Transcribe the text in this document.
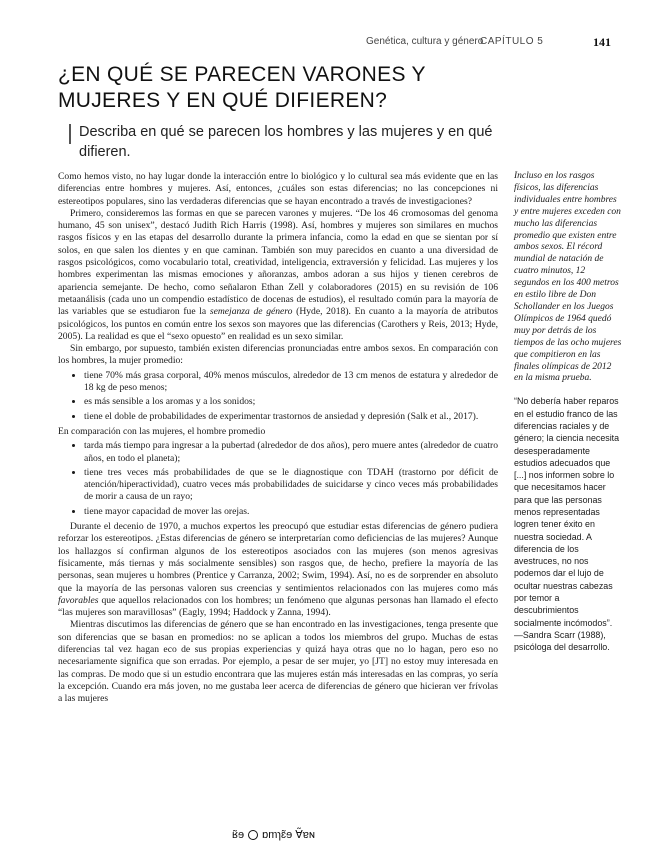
Genética, cultura y género
CAPÍTULO 5	141
¿EN QUÉ SE PARECEN VARONES Y MUJERES Y EN QUÉ DIFIEREN?
Describa en qué se parecen los hombres y las mujeres y en qué difieren.

Como hemos visto, no hay lugar donde la interacción entre lo biológico y lo cultural sea más evidente que en las diferencias entre hombres y mujeres. Así, entonces, ¿cuáles son estas diferencias; no las concepciones ni estereotipos populares, sino las verdaderas diferencias que se hayan encontrado a través de investigaciones?

Primero, consideremos las formas en que se parecen varones y mujeres. “De los 46 cromosomas del genoma humano, 45 son unisex”, destacó Judith Rich Harris (1998). Así, hombres y mujeres son similares en muchos rasgos físicos y en las etapas del desarrollo durante la primera infancia, como la edad en que se sientan por sí solos, en que salen los dientes y en que caminan. También son muy parecidos en cuanto a una diversidad de rasgos psicológicos, como vocabulario total, creatividad, inteligencia, extraversión y felicidad. Las mujeres y los hombres experimentan las mismas emociones y añoranzas, ambos adoran a sus hijos y tienen cerebros de apariencia semejante. De hecho, como señalaron Ethan Zell y colaboradores (2015) en su revisión de 106 metaanálisis (cada uno un compendio estadístico de docenas de estudios), el resultado común para la mayoría de las variables que se estudiaron fue la semejanza de género (Hyde, 2018). En cuanto a la mayoría de atributos psicológicos, los puntos en común entre los sexos son mayores que las diferencias (Carothers y Reis, 2013; Hyde, 2005). La realidad es que el “sexo opuesto” en realidad es un sexo similar.

Sin embargo, por supuesto, también existen diferencias pronunciadas entre ambos sexos. En comparación con los hombres, la mujer promedio:

• tiene 70% más grasa corporal, 40% menos músculos, alrededor de 13 cm menos de estatura y alrededor de 18 kg de peso menos;
• es más sensible a los aromas y a los sonidos;
• tiene el doble de probabilidades de experimentar trastornos de ansiedad y depresión (Salk et al., 2017).

En comparación con las mujeres, el hombre promedio

• tarda más tiempo para ingresar a la pubertad (alrededor de dos años), pero muere antes (alrededor de cuatro años, en todo el planeta);
• tiene tres veces más probabilidades de que se le diagnostique con TDAH (trastorno por déficit de atención/hiperactividad), cuatro veces más probabilidades de suicidarse y cinco veces más probabilidades de morir a causa de un rayo;
• tiene mayor capacidad de mover las orejas.

Durante el decenio de 1970, a muchos expertos les preocupó que estudiar estas diferencias de género pudiera reforzar los estereotipos. ¿Estas diferencias de género se interpretarían como deficiencias de las mujeres? Aunque los hallazgos sí confirman algunos de los estereotipos asociados con las mujeres (son menos agresivas físicamente, más tiernas y más socialmente sensibles) son rasgos que, de hecho, prefiere la mayoría de las personas, sean mujeres u hombres (Prentice y Carranza, 2002; Swim, 1994). Así, no es de sorprender en absoluto que la mayoría de las personas valoren sus creencias y sentimientos relacionados con las mujeres como más favorables que aquellos relacionados con los hombres; un fenómeno que algunas personas han llamado el efecto “las mujeres son maravillosas” (Eagly, 1994; Haddock y Zanna, 1994).

Mientras discutimos las diferencias de género que se han encontrado en las investigaciones, tenga presente que son diferencias que se basan en promedios: no se aplican a todos los miembros del grupo. Muchas de estas diferencias tal vez hagan eco de sus propias experiencias y quizá haya otras que no lo hagan, pero eso no necesariamente significa que son erradas. Por ejemplo, a pesar de ser mujer, yo [JT] no estoy muy interesada en las compras. De modo que si un estudio encontrara que las mujeres están más interesadas en las compras, yo sería la excepción. Cuando era más joven, no me gustaba leer acerca de diferencias de género que hicieran ver frívolas a las mujeres

Incluso en los rasgos físicos, las diferencias individuales entre hombres y entre mujeres exceden con mucho las diferencias promedio que existen entre ambos sexos. El récord mundial de natación de cuatro minutos, 12 segundos en los 400 metros en estilo libre de Don Schollander en los Juegos Olímpicos de 1964 quedó muy por detrás de los tiempos de las ocho mujeres que compitieron en las finales olímpicas de 2012 en la misma prueba.

“No debería haber reparos en el estudio franco de las diferencias raciales y de género; la ciencia necesita desesperadamente estudios adecuados que [...] nos informen sobre lo que necesitamos hacer para que las personas menos representadas logren tener éxito en nuestra sociedad. A diferencia de los avestruces, no nos podemos dar el lujo de ocultar nuestras cabezas por temor a descubrimientos socialmente incómodos”.
—Sandra Scarr (1988), psicóloga del desarrollo.
ʁ̃ɘ ɒmɿɛ̃ɘ Ɐ̃ɐɴ
